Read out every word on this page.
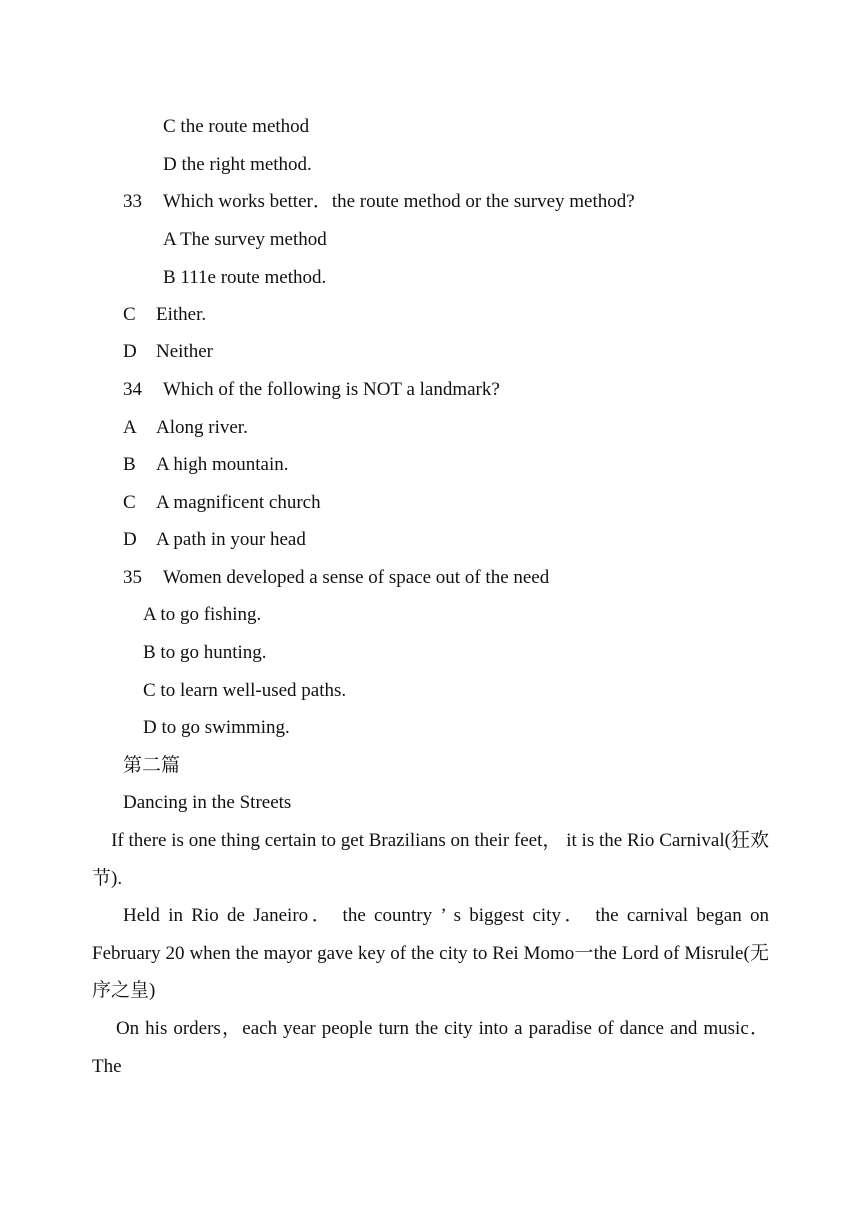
C the route method
D the right method.
33 Which works better．the route method or the survey method?
A The survey method
B 111e route method.
C Either.
D Neither
34 Which of the following is NOT a landmark?
A Along river.
B A high mountain.
C A magnificent church
D A path in your head
35 Women developed a sense of space out of the need
A to go fishing.
B to go hunting.
C to learn well-used paths.
D to go swimming.
第二篇
Dancing in the Streets

If there is one thing certain to get Brazilians on their feet， it is the Rio Carnival(狂欢节).

Held in Rio de Janeiro． the country ’ s biggest city． the carnival began on February 20 when the mayor gave key of the city to Rei Momo一the Lord of Misrule(无序之皇)

On his orders，each year people turn the city into a paradise of dance and music．The
